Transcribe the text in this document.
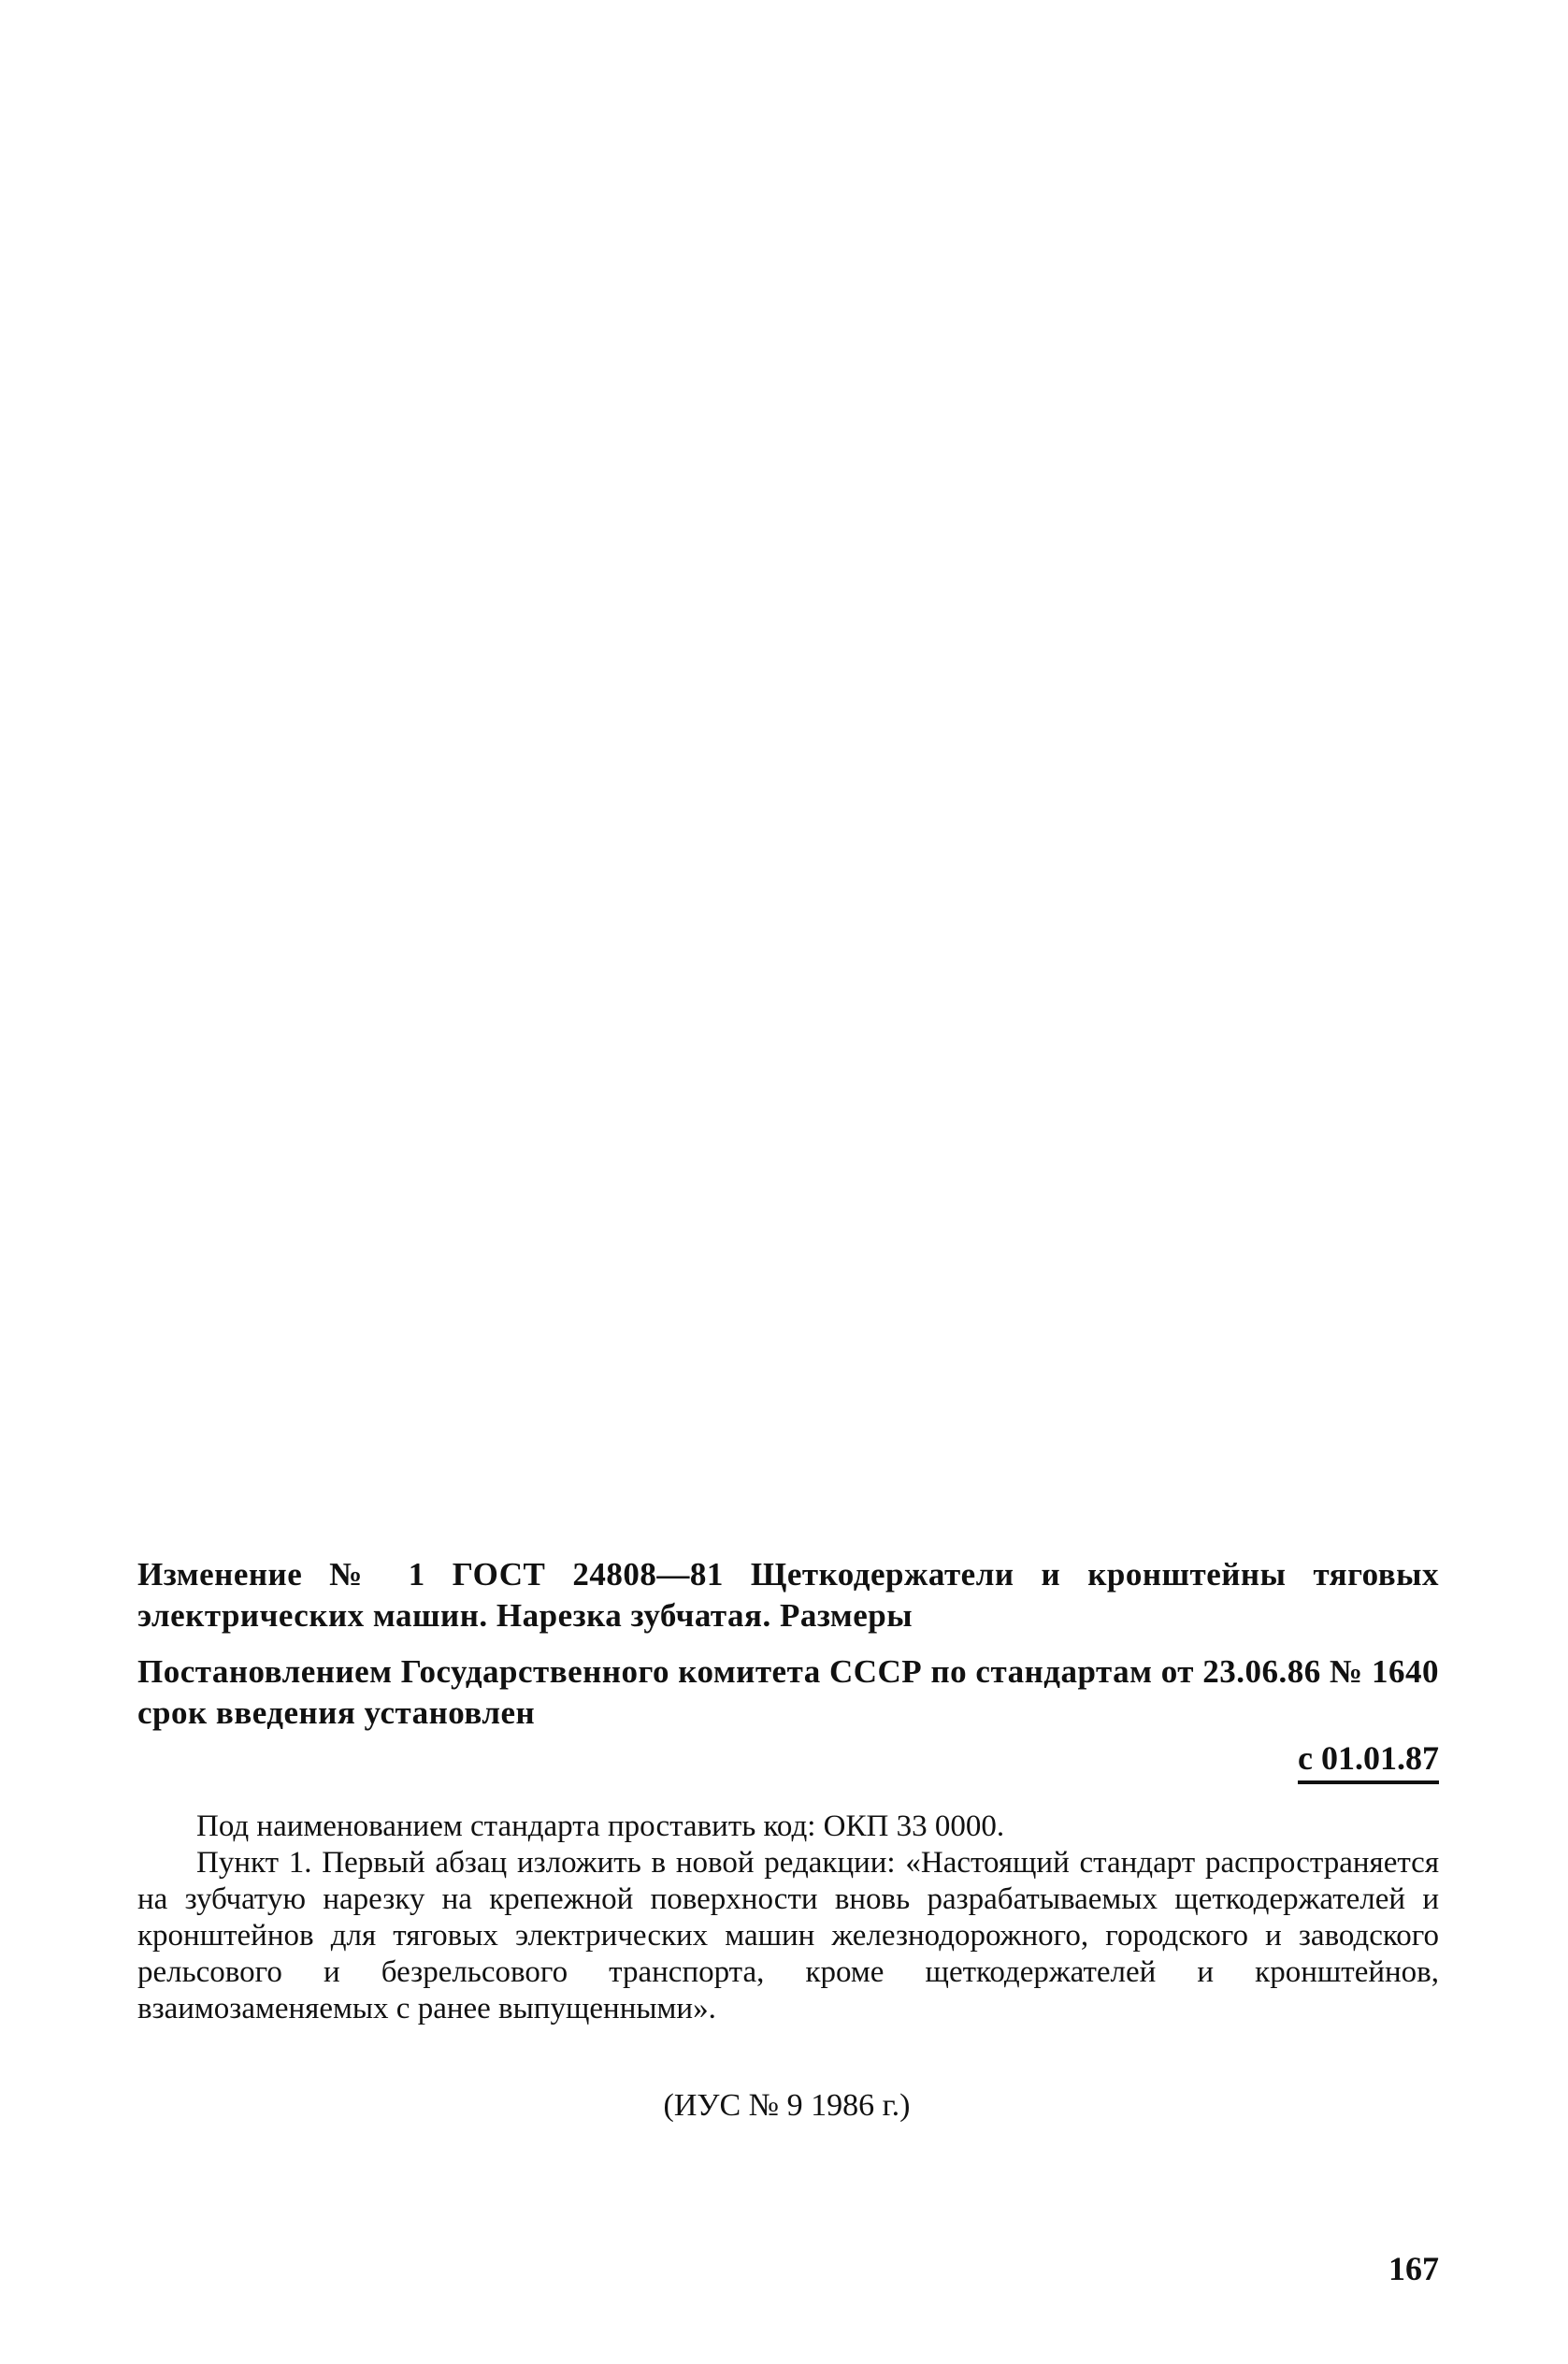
Изменение № 1 ГОСТ 24808—81 Щеткодержатели и кронштейны тяговых электрических машин. Нарезка зубчатая. Размеры
Постановлением Государственного комитета СССР по стандартам от 23.06.86 № 1640 срок введения установлен
с 01.01.87

Под наименованием стандарта проставить код: ОКП 33 0000.

Пункт 1. Первый абзац изложить в новой редакции: «Настоящий стандарт распространяется на зубчатую нарезку на крепежной поверхности вновь разрабатываемых щеткодержателей и кронштейнов для тяговых электрических машин железнодорожного, городского и заводского рельсового и безрельсового транспорта, кроме щеткодержателей и кронштейнов, взаимозаменяемых с ранее выпущенными».

(ИУС № 9 1986 г.)
167
